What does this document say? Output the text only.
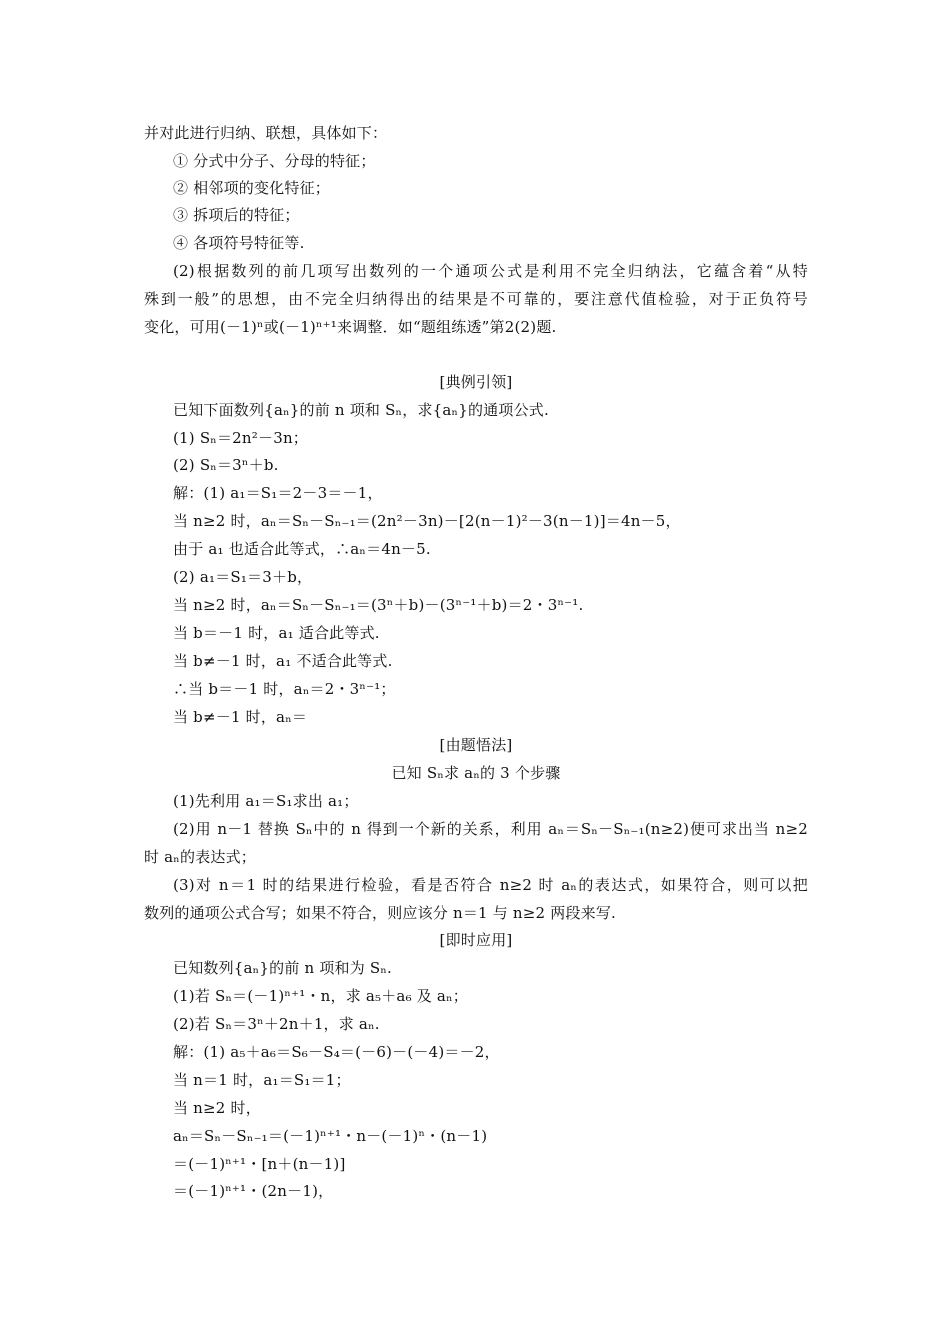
并对此进行归纳、联想，具体如下：
① 分式中分子、分母的特征；
② 相邻项的变化特征；
③ 拆项后的特征；
④ 各项符号特征等.
(2)根据数列的前几项写出数列的一个通项公式是利用不完全归纳法，它蕴含着“从特
殊到一般”的思想，由不完全归纳得出的结果是不可靠的，要注意代值检验，对于正负符号
变化，可用(－1)ⁿ或(－1)ⁿ⁺¹来调整．如“题组练透”第2(2)题.
[典例引领]
已知下面数列{aₙ}的前 n 项和 Sₙ，求{aₙ}的通项公式.
(1) Sₙ＝2n²－3n；
(2) Sₙ＝3ⁿ＋b.
解：(1) a₁＝S₁＝2－3＝－1，
当 n≥2 时，aₙ＝Sₙ－Sₙ₋₁＝(2n²－3n)－[2(n－1)²－3(n－1)]＝4n－5，
由于 a₁ 也适合此等式，∴aₙ＝4n－5.
(2) a₁＝S₁＝3＋b，
当 n≥2 时，aₙ＝Sₙ－Sₙ₋₁＝(3ⁿ＋b)－(3ⁿ⁻¹＋b)＝2・3ⁿ⁻¹.
当 b＝－1 时，a₁ 适合此等式.
当 b≠－1 时，a₁ 不适合此等式.
∴当 b＝－1 时，aₙ＝2・3ⁿ⁻¹；
当 b≠－1 时，aₙ＝
[由题悟法]
已知 Sₙ求 aₙ的 3 个步骤
(1)先利用 a₁＝S₁求出 a₁；
(2)用 n－1 替换 Sₙ中的 n 得到一个新的关系，利用 aₙ＝Sₙ－Sₙ₋₁(n≥2)便可求出当 n≥2
时 aₙ的表达式；
(3)对 n＝1 时的结果进行检验，看是否符合 n≥2 时 aₙ的表达式，如果符合，则可以把
数列的通项公式合写；如果不符合，则应该分 n＝1 与 n≥2 两段来写.
[即时应用]
已知数列{aₙ}的前 n 项和为 Sₙ.
(1)若 Sₙ＝(－1)ⁿ⁺¹・n，求 a₅＋a₆ 及 aₙ；
(2)若 Sₙ＝3ⁿ＋2n＋1，求 aₙ.
解：(1) a₅＋a₆＝S₆－S₄＝(－6)－(－4)＝－2，
当 n＝1 时，a₁＝S₁＝1；
当 n≥2 时，
aₙ＝Sₙ－Sₙ₋₁＝(－1)ⁿ⁺¹・n－(－1)ⁿ・(n－1)
＝(－1)ⁿ⁺¹・[n＋(n－1)]
＝(－1)ⁿ⁺¹・(2n－1)，
